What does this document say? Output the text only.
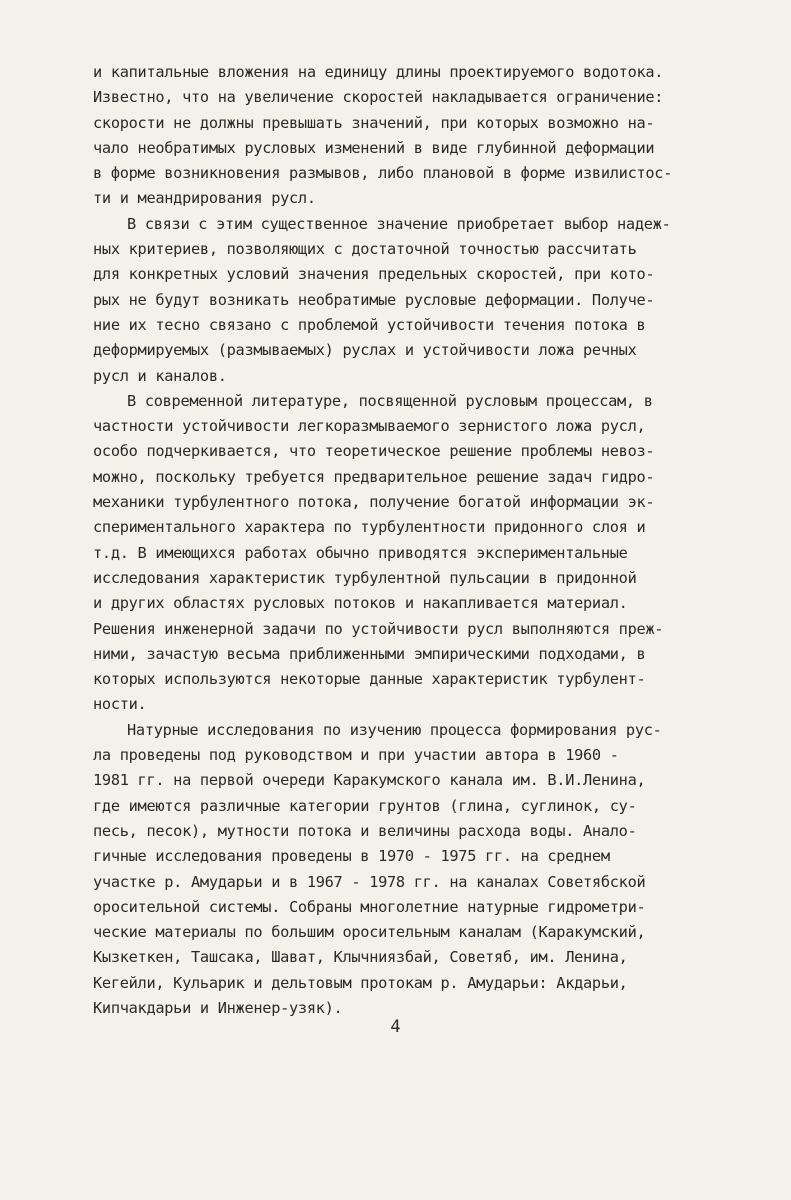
и капитальные вложения на единицу длины проектируемого водотока.
Известно, что на увеличение скоростей накладывается ограничение:
скорости не должны превышать значений, при которых возможно на-
чало необратимых русловых изменений в виде глубинной деформации
в форме возникновения размывов, либо плановой в форме извилистос-
ти и меандрирования русл.
В связи с этим существенное значение приобретает выбор надеж-
ных критериев, позволяющих с достаточной точностью рассчитать
для конкретных условий значения предельных скоростей, при кото-
рых не будут возникать необратимые русловые деформации. Получе-
ние их тесно связано с проблемой устойчивости течения потока в
деформируемых (размываемых) руслах и устойчивости ложа речных
русл и каналов.
В современной литературе, посвященной русловым процессам, в
частности устойчивости легкоразмываемого зернистого ложа русл,
особо подчеркивается, что теоретическое решение проблемы невоз-
можно, поскольку требуется предварительное решение задач гидро-
механики турбулентного потока, получение богатой информации эк-
спериментального характера по турбулентности придонного слоя и
т.д. В имеющихся работах обычно приводятся экспериментальные
исследования характеристик турбулентной пульсации в придонной
и других областях русловых потоков и накапливается материал.
Решения инженерной задачи по устойчивости русл выполняются преж-
ними, зачастую весьма приближенными эмпирическими подходами, в
которых используются некоторые данные характеристик турбулент-
ности.
Натурные исследования по изучению процесса формирования рус-
ла проведены под руководством и при участии автора в 1960 -
1981 гг. на первой очереди Каракумского канала им. В.И.Ленина,
где имеются различные категории грунтов (глина, суглинок, су-
песь, песок), мутности потока и величины расхода воды. Анало-
гичные исследования проведены в 1970 - 1975 гг. на среднем
участке р. Амударьи и в 1967 - 1978 гг. на каналах Советябской
оросительной системы. Собраны многолетние натурные гидрометри-
ческие материалы по большим оросительным каналам (Каракумский,
Кызкеткен, Ташсака, Шават, Клычниязбай, Советяб, им. Ленина,
Кегейли, Кульарик и дельтовым протокам р. Амударьи: Акдарьи,
Кипчакдарьи и Инженер-узяк).
4
